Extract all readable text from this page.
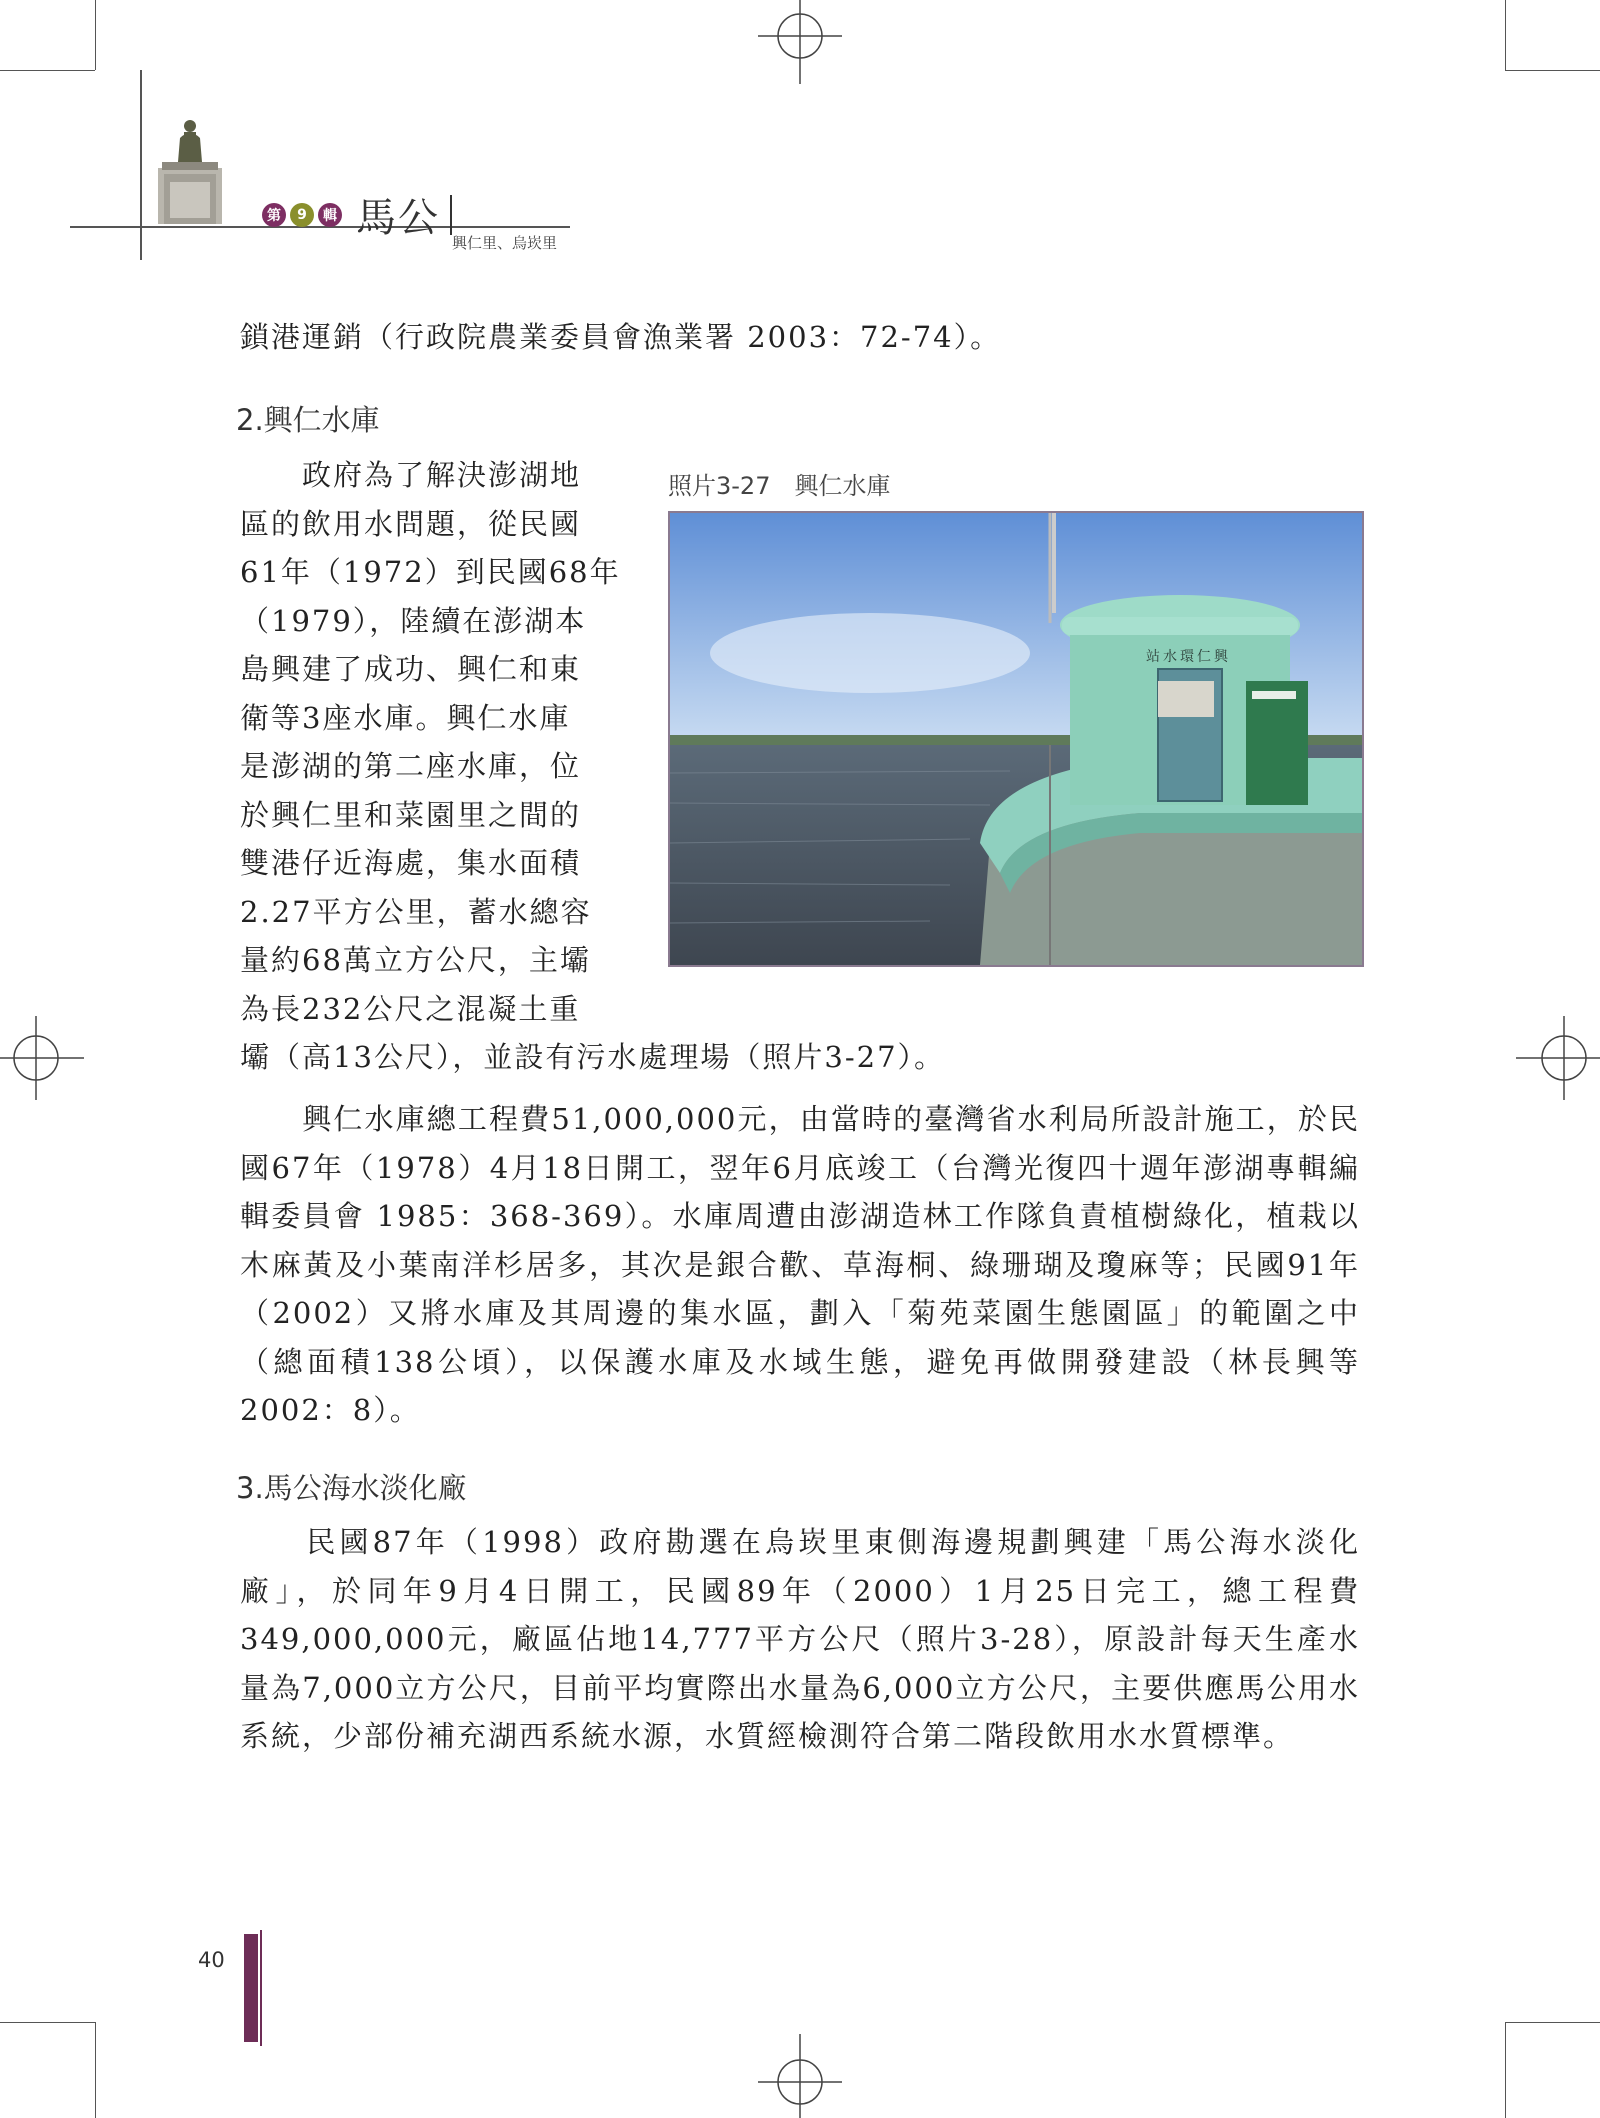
第	9	輯 馬公
興仁里、烏崁里

鎖港運銷（行政院農業委員會漁業署 2003：72-74）。

2.興仁水庫
　　政府為了解決澎湖地
區的飲用水問題，從民國
61年（1972）到民國68年
（1979），陸續在澎湖本
島興建了成功、興仁和東
衛等3座水庫。興仁水庫
是澎湖的第二座水庫，位
於興仁里和菜園里之間的
雙港仔近海處，集水面積
2.27平方公里，蓄水總容
量約68萬立方公尺，主壩
為長232公尺之混凝土重
壩（高13公尺），並設有污水處理場（照片3-27）。
照片3-27　興仁水庫
站水環仁興

　　興仁水庫總工程費51,000,000元，由當時的臺灣省水利局所設計施工，於民國67年（1978）4月18日開工，翌年6月底竣工（台灣光復四十週年澎湖專輯編輯委員會 1985：368-369）。水庫周遭由澎湖造林工作隊負責植樹綠化，植栽以木麻黃及小葉南洋杉居多，其次是銀合歡、草海桐、綠珊瑚及瓊麻等；民國91年（2002）又將水庫及其周邊的集水區，劃入「菊苑菜園生態園區」的範圍之中（總面積138公頃），以保護水庫及水域生態，避免再做開發建設（林長興等 2002：8）。

3.馬公海水淡化廠

　　民國87年（1998）政府勘選在烏崁里東側海邊規劃興建「馬公海水淡化廠」，於同年9月4日開工，民國89年（2000）1月25日完工，總工程費349,000,000元，廠區佔地14,777平方公尺（照片3-28），原設計每天生產水量為7,000立方公尺，目前平均實際出水量為6,000立方公尺，主要供應馬公用水系統，少部份補充湖西系統水源，水質經檢測符合第二階段飲用水水質標準。

40
